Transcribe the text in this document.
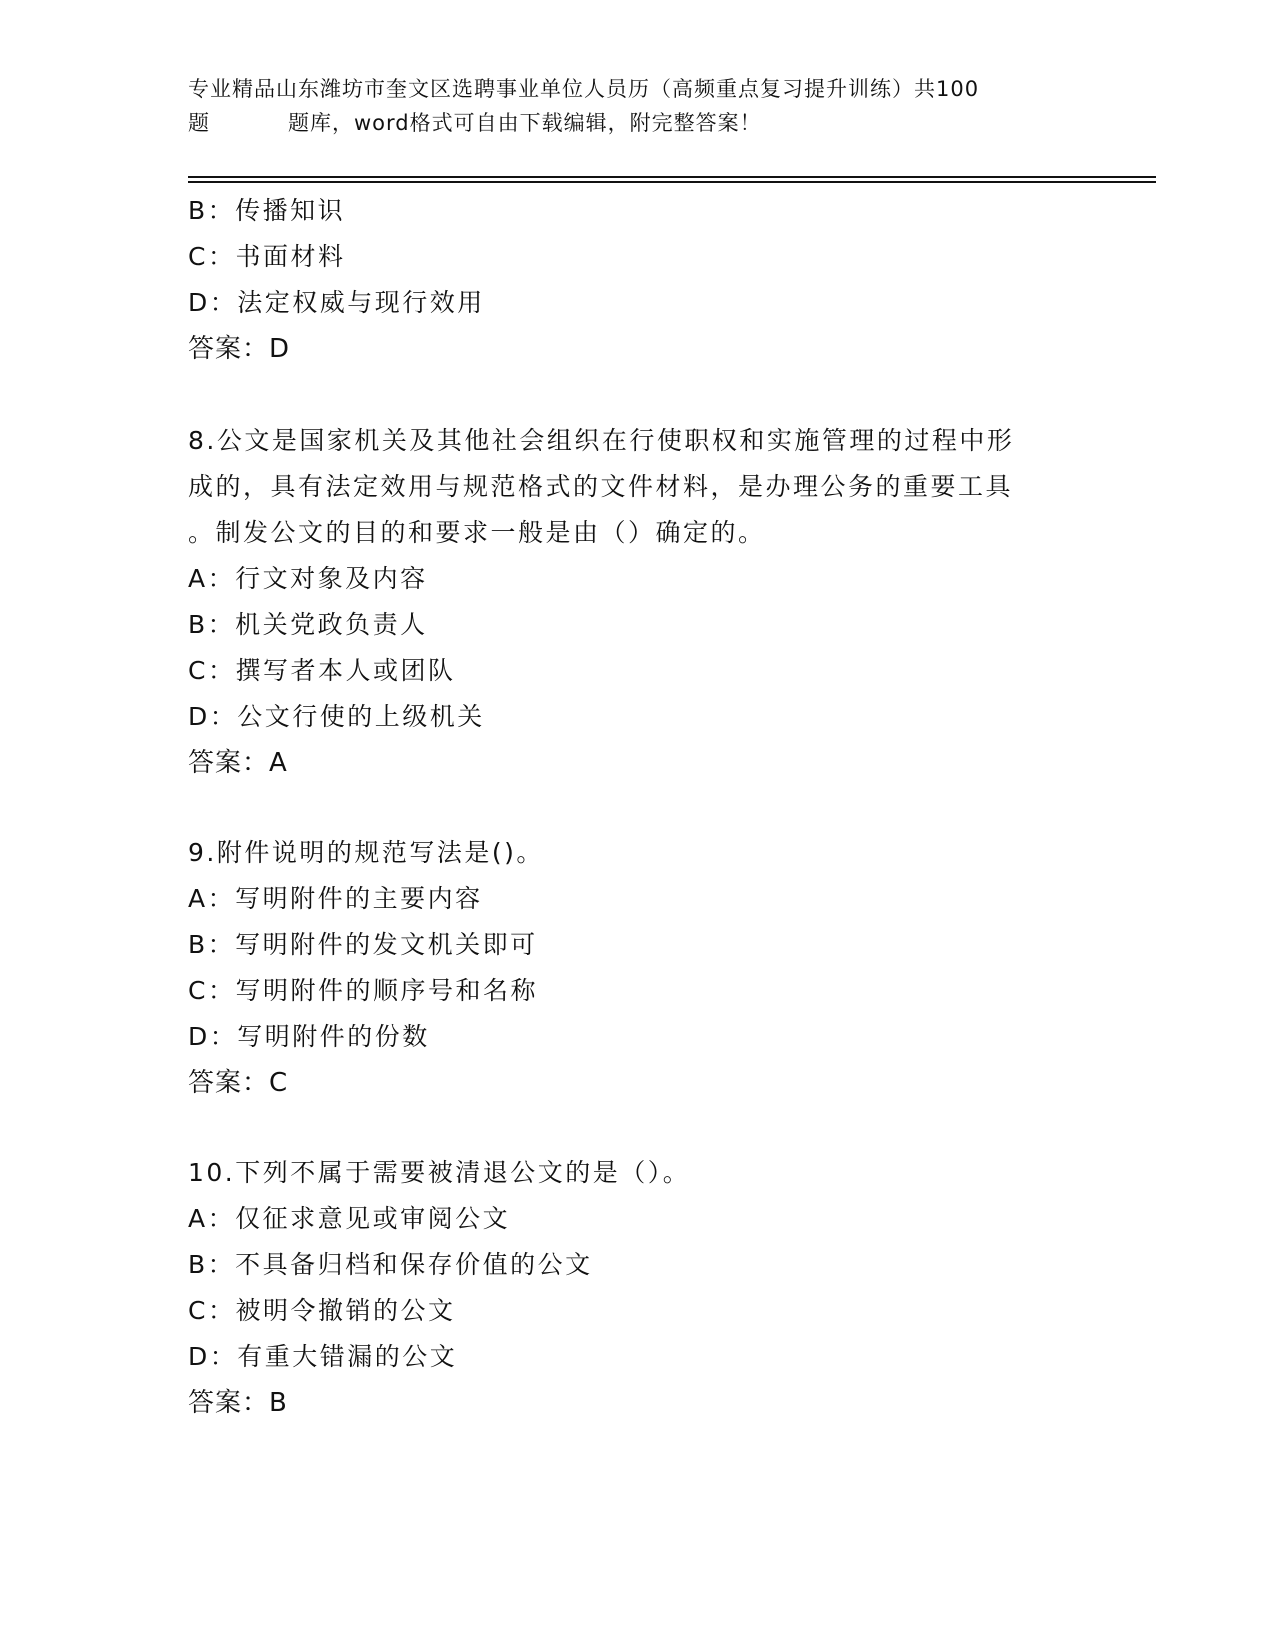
专业精品山东潍坊市奎文区选聘事业单位人员历（高频重点复习提升训练）共100
题	题库，word格式可自由下载编辑，附完整答案！
B：传播知识
C：书面材料
D：法定权威与现行效用
答案：D
8.公文是国家机关及其他社会组织在行使职权和实施管理的过程中形
成的，具有法定效用与规范格式的文件材料，是办理公务的重要工具
。制发公文的目的和要求一般是由（）确定的。
A：行文对象及内容
B：机关党政负责人
C：撰写者本人或团队
D：公文行使的上级机关
答案：A
9.附件说明的规范写法是()。
A：写明附件的主要内容
B：写明附件的发文机关即可
C：写明附件的顺序号和名称
D：写明附件的份数
答案：C
10.下列不属于需要被清退公文的是（）。
A：仅征求意见或审阅公文
B：不具备归档和保存价值的公文
C：被明令撤销的公文
D：有重大错漏的公文
答案：B
